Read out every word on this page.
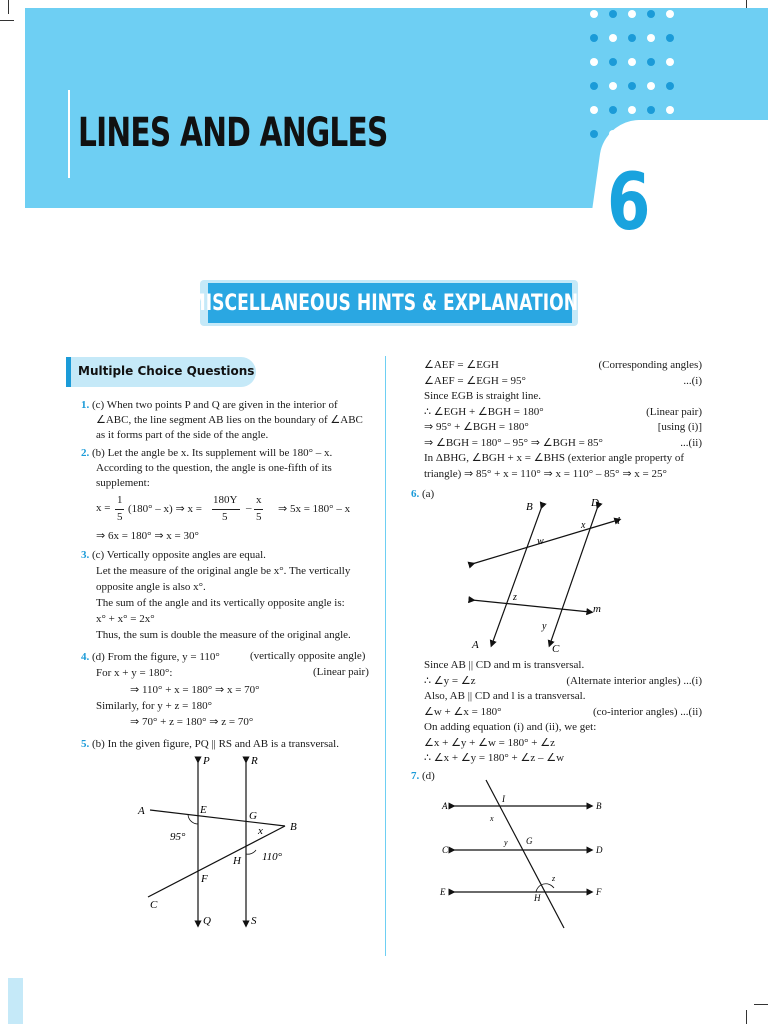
LINES AND ANGLES
6
MISCELLANEOUS HINTS & EXPLANATIONS
Multiple Choice Questions
1. (c) When two points P and Q are given in the interior of
∠ABC, the line segment AB lies on the boundary of ∠ABC
as it forms part of the side of the angle.
2. (b) Let the angle be x. Its supplement will be 180° – x.
According to the question, the angle is one-fifth of its
supplement:
x =
1
5
(180° – x) ⇒ x =
180Υ
5
–
x
5
⇒ 5x = 180° – x
⇒ 6x = 180° ⇒ x = 30°
3. (c) Vertically opposite angles are equal.
Let the measure of the original angle be x°. The vertically
opposite angle is also x°.
The sum of the angle and its vertically opposite angle is:
x° + x° = 2x°
Thus, the sum is double the measure of the original angle.
4. (d) From the figure, y = 110°	(vertically opposite angle)
For x + y = 180°:	(Linear pair)
⇒ 110° + x = 180° ⇒ x = 70°
Similarly, for y + z = 180°
⇒ 70° + z = 180° ⇒ z = 70°
5. (b) In the given figure, PQ || RS and AB is a transversal.
P	R
A	E	G
B
x
95°
H 110°
F
C
Q	S
∠AEF = ∠EGH	(Corresponding angles)
∠AEF = ∠EGH = 95°	...(i)
Since EGB is straight line.
∴ ∠EGH + ∠BGH = 180°	(Linear pair)
⇒ 95° + ∠BGH = 180°	[using (i)]
⇒ ∠BGH = 180° – 95° ⇒ ∠BGH = 85°	...(ii)
In ΔBHG, ∠BGH + x = ∠BHS (exterior angle property of
triangle) ⇒ 85° + x = 110° ⇒ x = 110° – 85° ⇒ x = 25°
6. (a)
B	D
l
x
w
z
m
y
A	C
Since AB || CD and m is transversal.
∴ ∠y = ∠z	(Alternate interior angles) ...(i)
Also, AB || CD and l is a transversal.
∠w + ∠x = 180°	(co-interior angles) ...(ii)
On adding equation (i) and (ii), we get:
∠x + ∠y + ∠w = 180° + ∠z
∴ ∠x + ∠y = 180° + ∠z – ∠w
7. (d)
A
I
B
x
C
y G
D
z
E
H
F
